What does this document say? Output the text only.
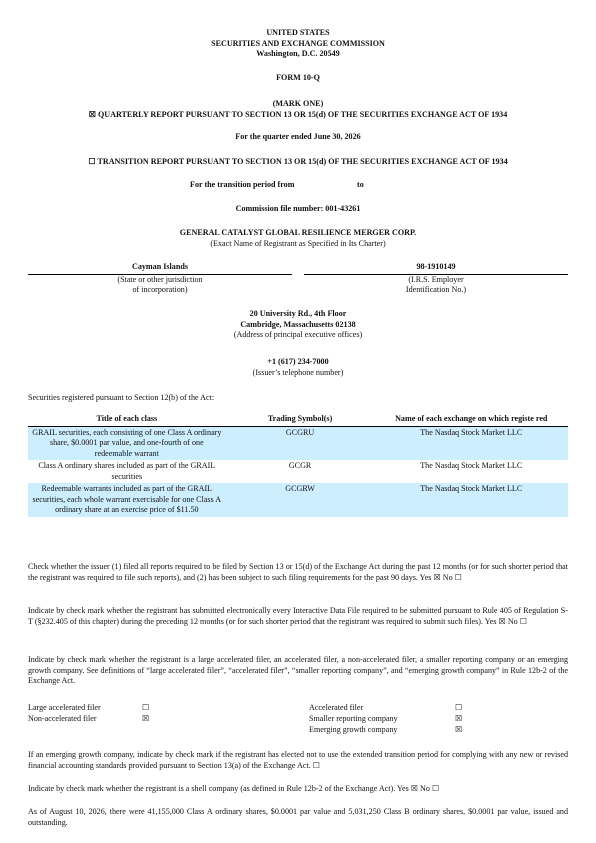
UNITED STATES
SECURITIES AND EXCHANGE COMMISSION
Washington, D.C. 20549
FORM 10-Q
(MARK ONE)
☒ QUARTERLY REPORT PURSUANT TO SECTION 13 OR 15(d) OF THE SECURITIES EXCHANGE ACT OF 1934
For the quarter ended June 30, 2026
☐ TRANSITION REPORT PURSUANT TO SECTION 13 OR 15(d) OF THE SECURITIES EXCHANGE ACT OF 1934
For the transition period from	to
Commission file number: 001-43261
GENERAL CATALYST GLOBAL RESILIENCE MERGER CORP.
(Exact Name of Registrant as Specified in Its Charter)
Cayman Islands
(State or other jurisdiction
of incorporation)
98-1910149
(I.R.S. Employer
Identification No.)
20 University Rd., 4th Floor
Cambridge, Massachusetts 02138
(Address of principal executive offices)
+1 (617) 234-7000
(Issuer’s telephone number)
Securities registered pursuant to Section 12(b) of the Act:
Title of each class	Trading Symbol(s)	Name of each exchange on which registe red
GRAIL securities, each consisting of one Class A ordinary share, $0.0001 par value, and one-fourth of one redeemable warrant	GCGRU	The Nasdaq Stock Market LLC
Class A ordinary shares included as part of the GRAIL securities	GCGR	The Nasdaq Stock Market LLC
Redeemable warrants included as part of the GRAIL securities, each whole warrant exercisable for one Class A ordinary share at an exercise price of $11.50	GCGRW	The Nasdaq Stock Market LLC
Check whether the issuer (1) filed all reports required to be filed by Section 13 or 15(d) of the Exchange Act during the past 12 months (or for such shorter period that the registrant was required to file such reports), and (2) has been subject to such filing requirements for the past 90 days. Yes ☒ No ☐
Indicate by check mark whether the registrant has submitted electronically every Interactive Data File required to be submitted pursuant to Rule 405 of Regulation S-T (§232.405 of this chapter) during the preceding 12 months (or for such shorter period that the registrant was required to submit such files). Yes ☒ No ☐
Indicate by check mark whether the registrant is a large accelerated filer, an accelerated filer, a non-accelerated filer, a smaller reporting company or an emerging growth company. See definitions of “large accelerated filer”, “accelerated filer”, “smaller reporting company”, and “emerging growth company” in Rule 12b-2 of the Exchange Act.
Large accelerated filer	☐
Non-accelerated filer	☒
Accelerated filer	☐
Smaller reporting company	☒
Emerging growth company	☒
If an emerging growth company, indicate by check mark if the registrant has elected not to use the extended transition period for complying with any new or revised financial accounting standards provided pursuant to Section 13(a) of the Exchange Act. ☐
Indicate by check mark whether the registrant is a shell company (as defined in Rule 12b-2 of the Exchange Act). Yes ☒ No ☐
As of August 10, 2026, there were 41,155,000 Class A ordinary shares, $0.0001 par value and 5,031,250 Class B ordinary shares, $0.0001 par value, issued and outstanding.
